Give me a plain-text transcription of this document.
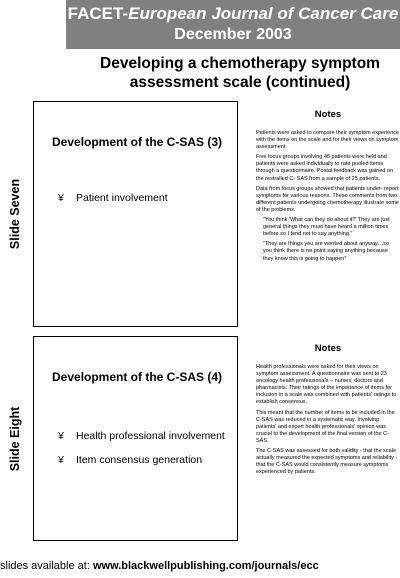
FACET-European Journal of Cancer Care
December 2003
Developing a chemotherapy symptom assessment scale (continued)
Slide Seven
Development of the C-SAS (3)
¥	Patient involvement
Notes

Patients were asked to compare their symptom experience with the items on the scale and for their views on symptom assessment.

Five focus groups involving 48 patients were held and patients were asked individually to rate pooled items through a questionnaire. Postal feedback was gained on the restralled C- SAS from a sample of 25 patients.

Data from focus groups showed that patients under- report symptoms for various reasons. These comments from two different patients undergoing chemotherapy illustrate some of the problems.

"You think 'What can they do about it?' They are just general things they must have heard a million times before so I tend not to say anything."

"They are things you are worried about anyway…so you think there is no point saying anything because they know this is going to happen"

Slide Eight
Development of the C-SAS (4)
¥	Health professional involvement
¥	Item consensus generation
Notes

Health professionals were asked for their views on symptom assessment. A questionnaire was sent to 23 oncology health professionals – nurses, doctors and pharmacists. Their ratings of the importance of items for inclusion in a scale was combined with patients' ratings to establish consensus.

This meant that the number of items to be included in the C-SAS was reduced in a systematic way. Involving patients' and expert health professionals' opinion was crucial to the development of the final version of the C-SAS.

The C-SAS was assessed for both validity - that the scale actually measured the expected symptoms and reliability -that the C-SAS would consistently measure symptoms experienced by patients.

slides available at: www.blackwellpublishing.com/journals/ecc
